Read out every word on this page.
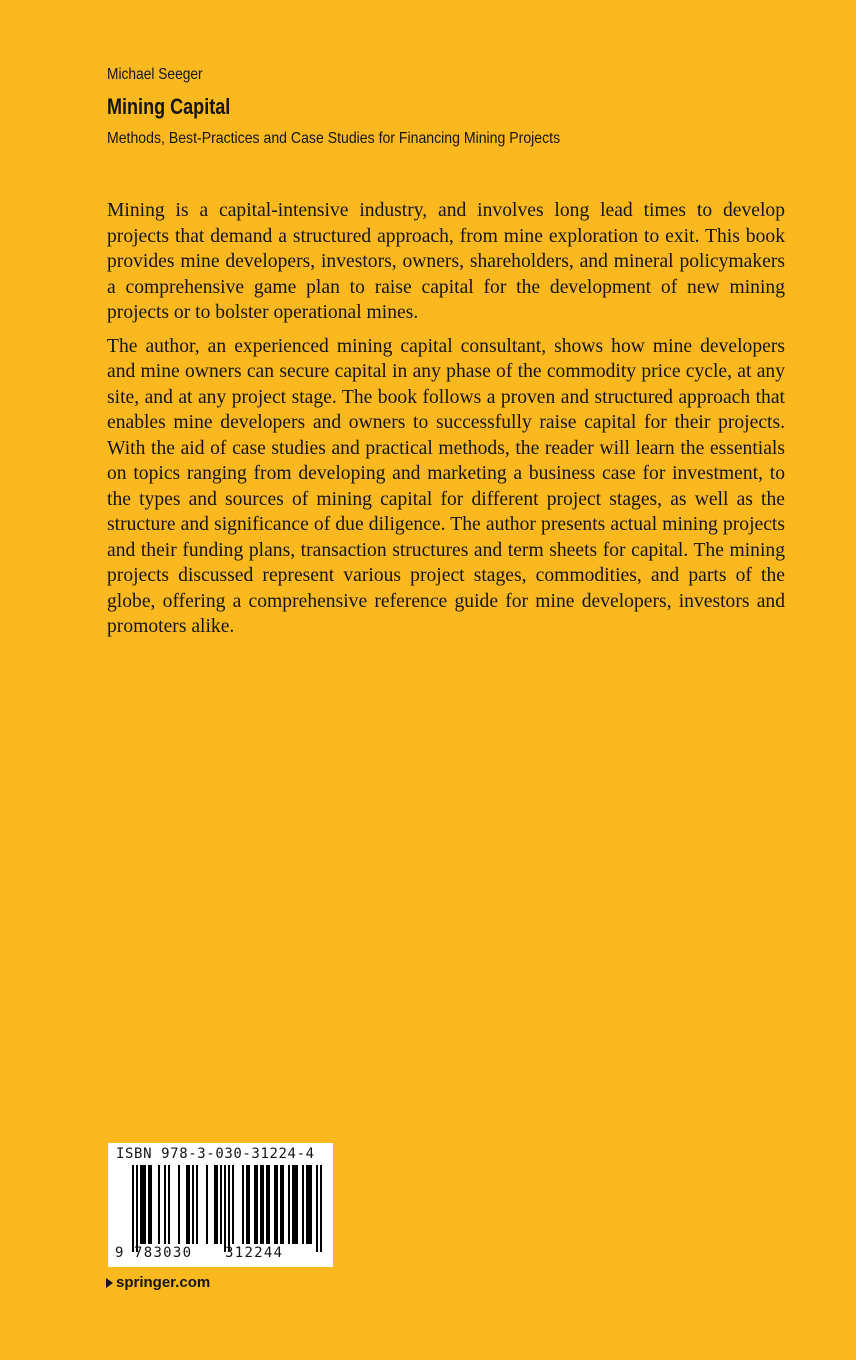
Michael Seeger
Mining Capital
Methods, Best-Practices and Case Studies for Financing Mining Projects

Mining is a capital-intensive industry, and involves long lead times to develop projects that demand a structured approach, from mine exploration to exit. This book provides mine developers, investors, owners, shareholders, and mineral policymakers a comprehensive game plan to raise capital for the development of new mining projects or to bolster operational mines.

The author, an experienced mining capital consultant, shows how mine developers and mine owners can secure capital in any phase of the commodity price cycle, at any site, and at any project stage. The book follows a proven and structured approach that enables mine developers and owners to successfully raise capital for their projects. With the aid of case studies and practical methods, the reader will learn the essentials on topics ranging from developing and marketing a business case for investment, to the types and sources of mining capital for different project stages, as well as the structure and significance of due diligence. The author presents actual mining projects and their funding plans, transaction structures and term sheets for capital. The mining projects discussed represent various project stages, commodities, and parts of the globe, offering a comprehensive reference guide for mine developers, investors and promoters alike.

ISBN 978-3-030-31224-4
9 783030 312244
springer.com
